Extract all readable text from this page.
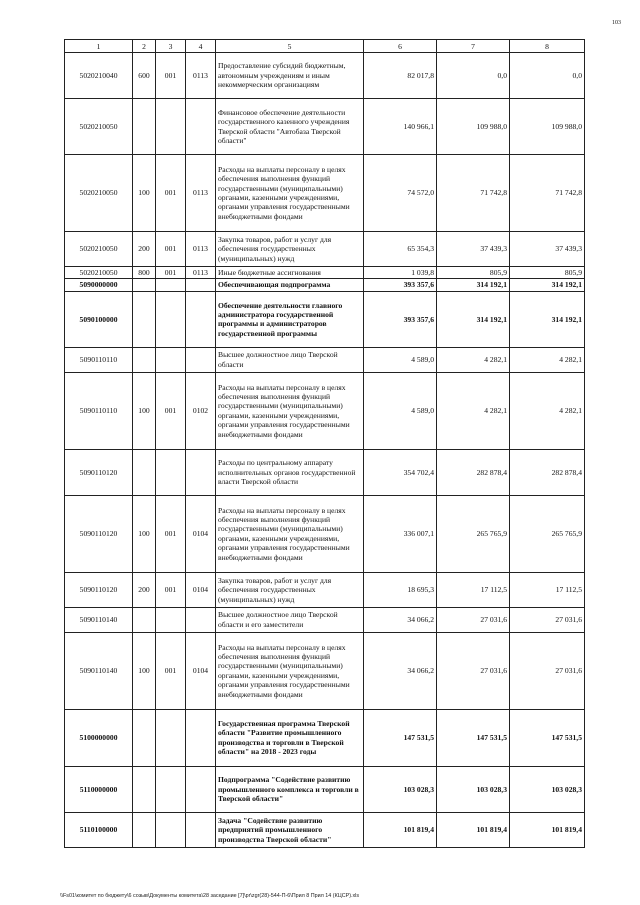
103
1	2	3	4	5	6	7	8
5020210040	600	001	0113	Предоставление субсидий бюджетным, автономным учреждениям и иным некоммерческим организациям	82 017,8	0,0	0,0
5020210050				Финансовое обеспечение деятельности государственного казенного учреждения Тверской области "Автобаза Тверской области"	140 966,1	109 988,0	109 988,0
5020210050	100	001	0113	Расходы на выплаты персоналу в целях обеспечения выполнения функций государственными (муниципальными) органами, казенными учреждениями, органами управления государственными внебюджетными фондами	74 572,0	71 742,8	71 742,8
5020210050	200	001	0113	Закупка товаров, работ и услуг для обеспечения государственных (муниципальных) нужд	65 354,3	37 439,3	37 439,3
5020210050	800	001	0113	Иные бюджетные ассигнования	1 039,8	805,9	805,9
5090000000				Обеспечивающая подпрограмма	393 357,6	314 192,1	314 192,1
5090100000				Обеспечение деятельности главного администратора государственной программы и администраторов государственной программы	393 357,6	314 192,1	314 192,1
5090110110				Высшее должностное лицо Тверской области	4 589,0	4 282,1	4 282,1
5090110110	100	001	0102	Расходы на выплаты персоналу в целях обеспечения выполнения функций государственными (муниципальными) органами, казенными учреждениями, органами управления государственными внебюджетными фондами	4 589,0	4 282,1	4 282,1
5090110120				Расходы по центральному аппарату исполнительных органов государственной власти Тверской области	354 702,4	282 878,4	282 878,4
5090110120	100	001	0104	Расходы на выплаты персоналу в целях обеспечения выполнения функций государственными (муниципальными) органами, казенными учреждениями, органами управления государственными внебюджетными фондами	336 007,1	265 765,9	265 765,9
5090110120	200	001	0104	Закупка товаров, работ и услуг для обеспечения государственных (муниципальных) нужд	18 695,3	17 112,5	17 112,5
5090110140				Высшее должностное лицо Тверской области и его заместители	34 066,2	27 031,6	27 031,6
5090110140	100	001	0104	Расходы на выплаты персоналу в целях обеспечения выполнения функций государственными (муниципальными) органами, казенными учреждениями, органами управления государственными внебюджетными фондами	34 066,2	27 031,6	27 031,6
5100000000				Государственная программа Тверской области "Развитие промышленного производства и торговли в Тверской области" на 2018 - 2023 годы	147 531,5	147 531,5	147 531,5
5110000000				Подпрограмма "Содействие развитию промышленного комплекса и торговли в Тверской области"	103 028,3	103 028,3	103 028,3
5110100000				Задача "Содействие развитию предприятий промышленного производства Тверской области"	101 819,4	101 819,4	101 819,4
\\Fs01\комитет по бюджету\6 созыв\Документы комитета\28 заседание [7]\pr\zgr(28)-544-П-6\Прил 8 Прил 14 (КЦСР).xls
